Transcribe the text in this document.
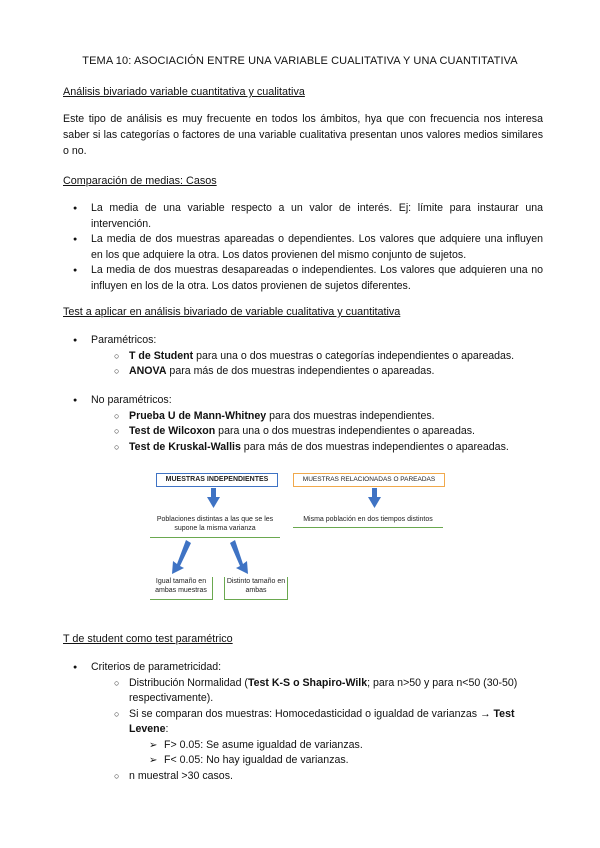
TEMA 10: ASOCIACIÓN ENTRE UNA VARIABLE CUALITATIVA Y UNA CUANTITATIVA
Análisis bivariado variable cuantitativa y cualitativa
Este tipo de análisis es muy frecuente en todos los ámbitos, hya que con frecuencia nos interesa saber si las categorías o factores de una variable cualitativa presentan unos valores medios similares o no.
Comparación de medias: Casos
● La media de una variable respecto a un valor de interés. Ej: límite para instaurar una intervención.
● La media de dos muestras apareadas o dependientes. Los valores que adquiere una influyen en los que adquiere la otra. Los datos provienen del mismo conjunto de sujetos.
● La media de dos muestras desapareadas o independientes. Los valores que adquieren una no influyen en los de la otra. Los datos provienen de sujetos diferentes.
Test a aplicar en análisis bivariado de variable cualitativa y cuantitativa
● Paramétricos:
○ T de Student para una o dos muestras o categorías independientes o apareadas.
○ ANOVA para más de dos muestras independientes o apareadas.
● No paramétricos:
○ Prueba U de Mann-Whitney para dos muestras independientes.
○ Test de Wilcoxon para una o dos muestras independientes o apareadas.
○ Test de Kruskal-Wallis para más de dos muestras independientes o apareadas.
MUESTRAS INDEPENDIENTES	MUESTRAS RELACIONADAS O PAREADAS
Poblaciones distintas a las que se les supone la misma varianza
Misma población en dos tiempos distintos
Igual tamaño en ambas muestras
Distinto tamaño en ambas
T de student como test paramétrico
● Criterios de parametricidad:
○ Distribución Normalidad (Test K-S o Shapiro-Wilk; para n>50 y para n<50 (30-50) respectivamente).
○ Si se comparan dos muestras: Homocedasticidad o igualdad de varianzas → Test Levene:
➢ F> 0.05: Se asume igualdad de varianzas.
➢ F< 0.05: No hay igualdad de varianzas.
○ n muestral >30 casos.
